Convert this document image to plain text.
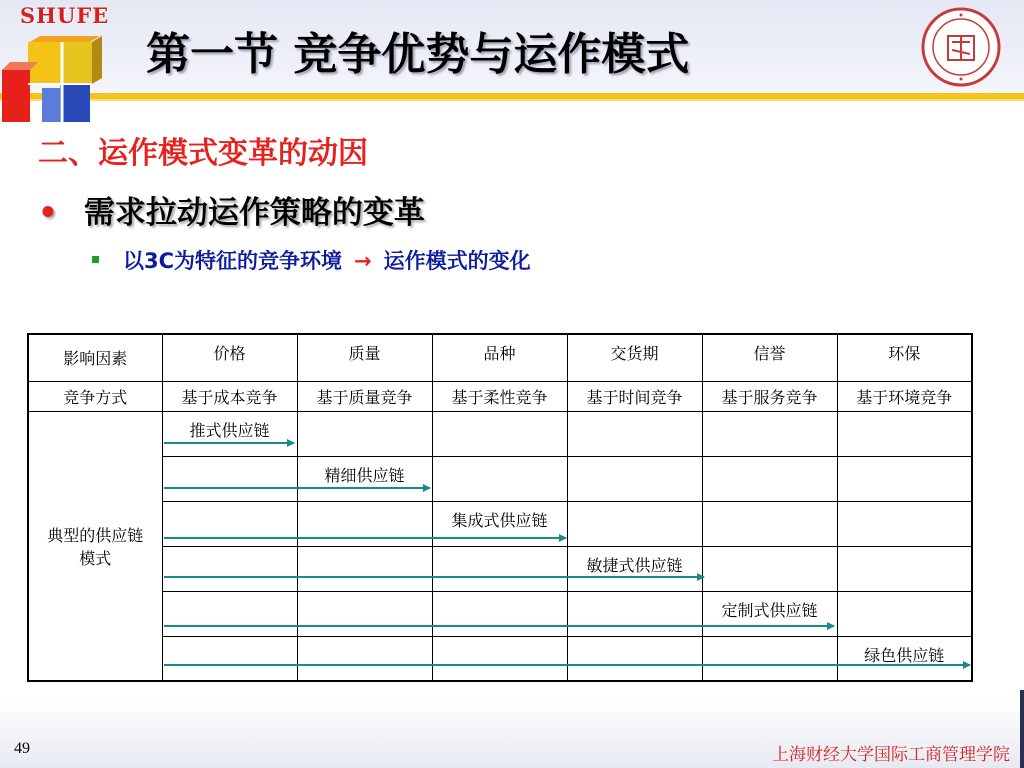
SHUFE
第一节 竞争优势与运作模式
二、运作模式变革的动因
• 需求拉动运作策略的变革
以3C为特征的竞争环境 → 运作模式的变化
影响因素	价格	质量	品种	交货期	信誉	环保
竞争方式	基于成本竞争	基于质量竞争	基于柔性竞争	基于时间竞争	基于服务竞争	基于环境竞争
典型的供应链
模式	推式供应链					
		精细供应链				
			集成式供应链			
				敏捷式供应链		
					定制式供应链	
						绿色供应链
49	上海财经大学国际工商管理学院
